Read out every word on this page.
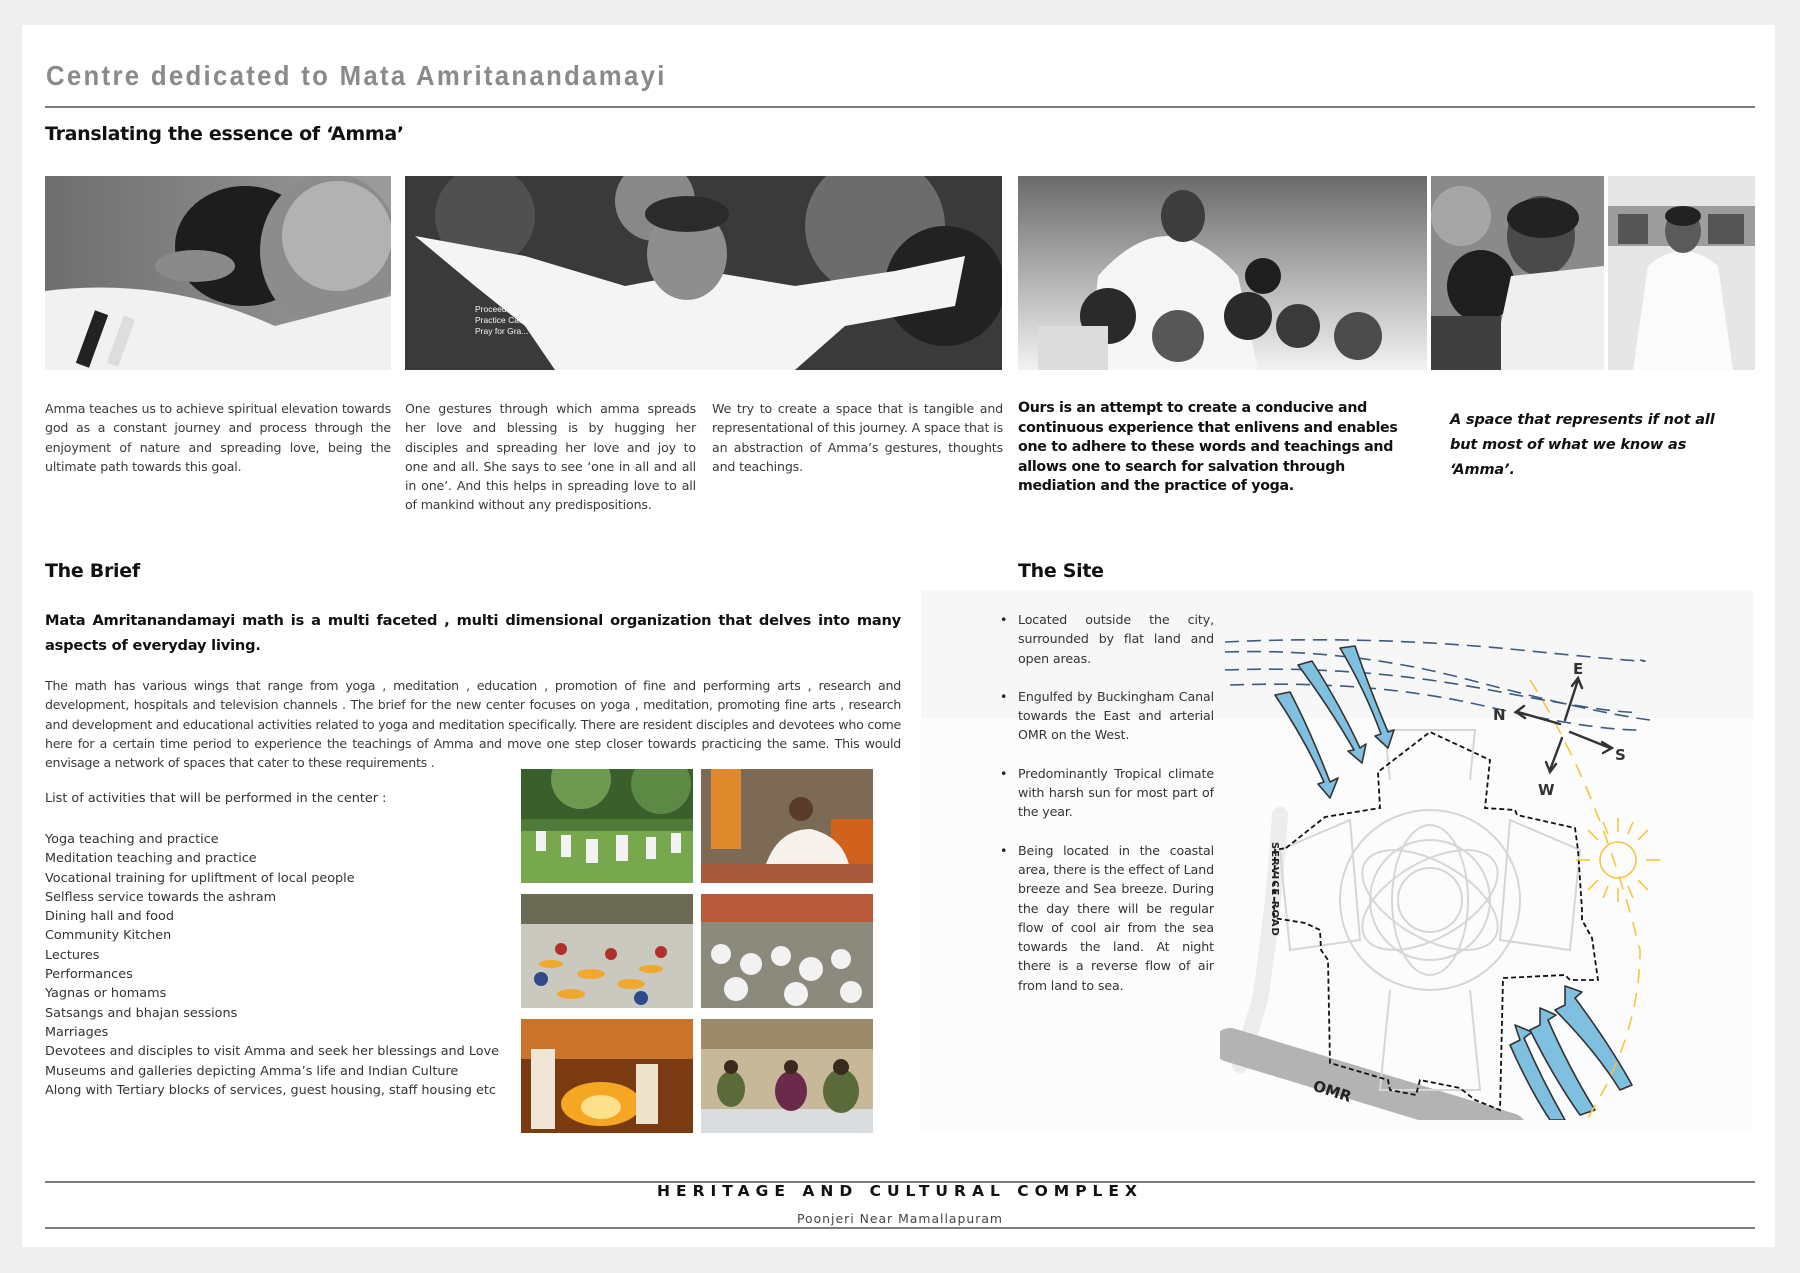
Centre dedicated to Mata Amritanandamayi
Translating the essence of ‘Amma’
Proceed with Coura...
Practice Caution an...
Pray for Gra...
Amma teaches us to achieve spiritual elevation towards god as a constant journey and process through the enjoyment of nature and spreading love, being the ultimate path towards this goal.
One gestures through which amma spreads her love and blessing is by hugging her disciples and spreading her love and joy to one and all. She says to see ‘one in all and all in one’. And this helps in spreading love to all of mankind without any predispositions.
We try to create a space that is tangible and representational of this journey. A space that is an abstraction of Amma’s gestures, thoughts and teachings.
Ours is an attempt to create a conducive and continuous experience that enlivens and enables one to adhere to these words and teachings and allows one to search for salvation through mediation and the practice of yoga.
A space that represents if not all but most of what we know as ‘Amma’.
The Brief
Mata Amritanandamayi math is a multi faceted , multi dimensional organization that delves into many aspects of everyday living.
The math has various wings that range from yoga , meditation , education , promotion of fine and performing arts , research and development, hospitals and television channels . The brief for the new center focuses on yoga , meditation, promoting fine arts , research and development and educational activities related to yoga and meditation specifically. There are resident disciples and devotees who come here for a certain time period to experience the teachings of Amma and move one step closer towards practicing the same. This would envisage a network of spaces that cater to these requirements .
List of activities that will be performed in the center :
Yoga teaching and practice
Meditation teaching and practice
Vocational training for upliftment of local people
Selfless service towards the ashram
Dining hall and food
Community Kitchen
Lectures
Performances
Yagnas or homams
Satsangs and bhajan sessions
Marriages
Devotees and disciples to visit Amma and seek her blessings and Love
Museums and galleries depicting Amma’s life and Indian Culture
Along with Tertiary blocks of services, guest housing, staff housing etc
The Site
• Located outside the city, surrounded by flat land and open areas.
• Engulfed by Buckingham Canal towards the East and arterial OMR on the West.
• Predominantly Tropical climate with harsh sun for most part of the year.
• Being located in the coastal area, there is the effect of Land breeze and Sea breeze. During the day there will be regular flow of cool air from the sea towards the land. At night there is a reverse flow of air from land to sea.
E
N
S
W
OMR
SERVICE ROAD
HERITAGE AND CULTURAL COMPLEX
Poonjeri Near Mamallapuram
